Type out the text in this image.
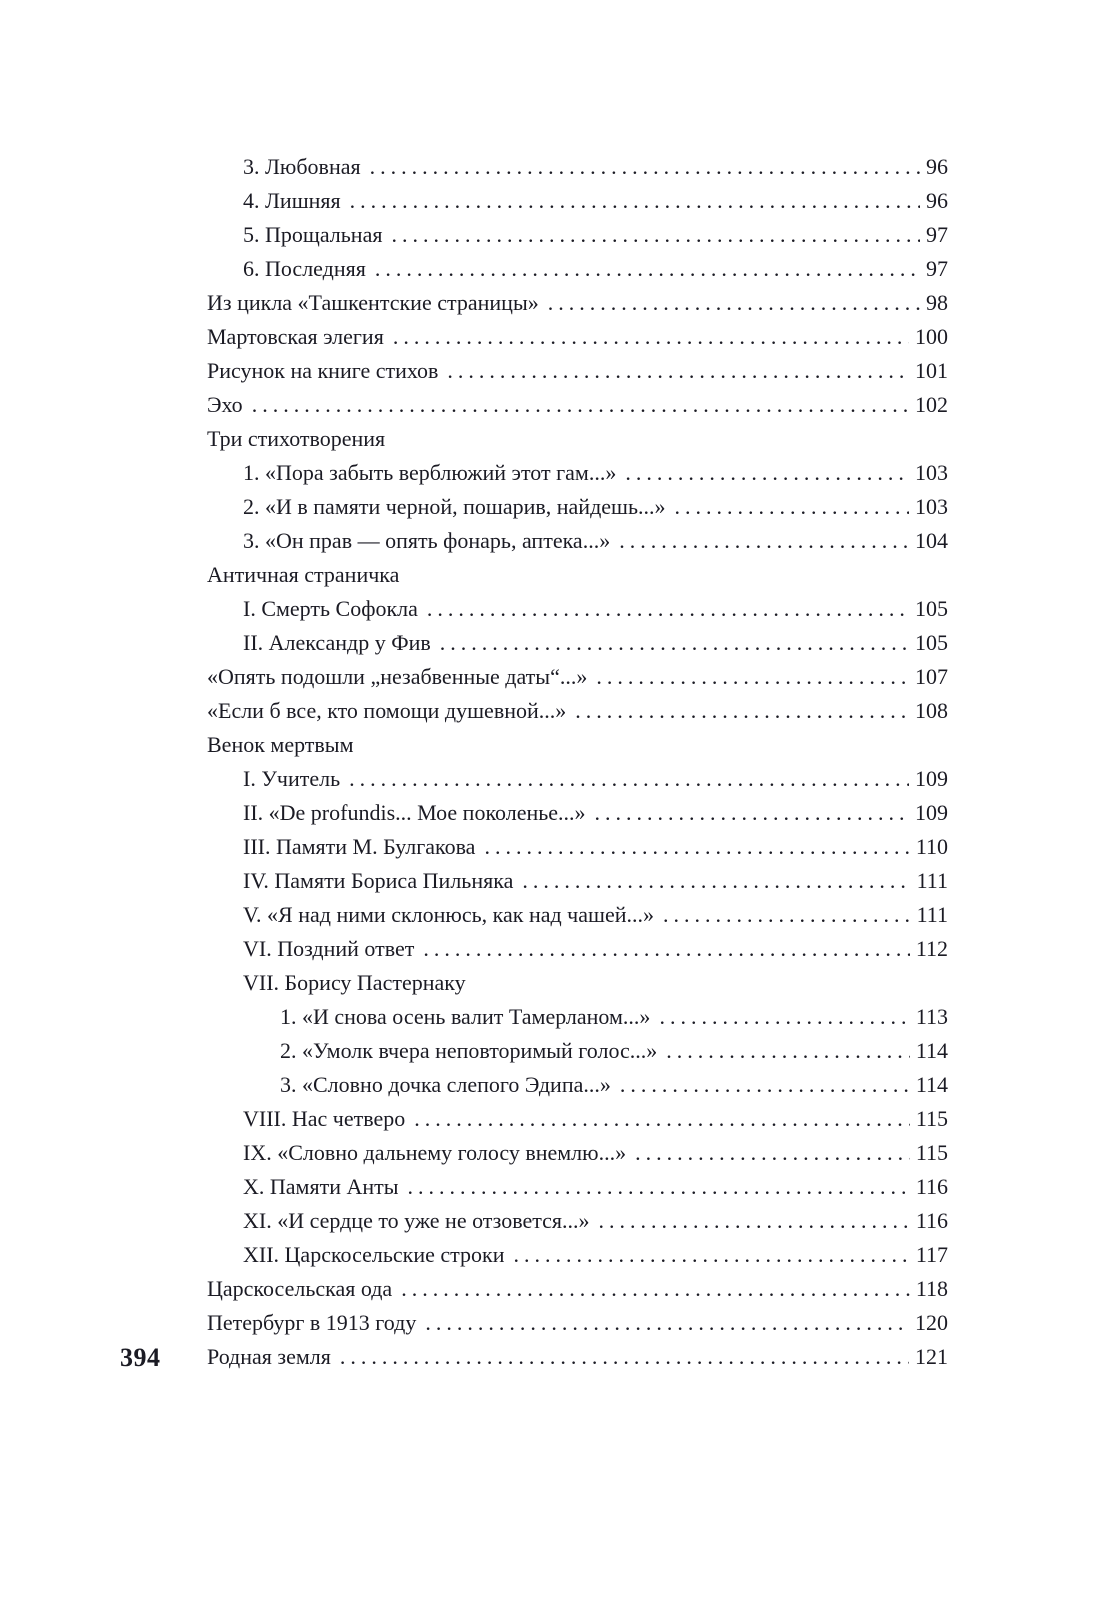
3. Любовная .....	96
4. Лишняя .....	96
5. Прощальная .....	97
6. Последняя .....	97
Из цикла «Ташкентские страницы» .....	98
Мартовская элегия .....	100
Рисунок на книге стихов .....	101
Эхо .....	102
Три стихотворения
1. «Пора забыть верблюжий этот гам...» .....	103
2. «И в памяти черной, пошарив, найдешь...» .....	103
3. «Он прав — опять фонарь, аптека...» .....	104
Античная страничка
I. Смерть Софокла .....	105
II. Александр у Фив .....	105
«Опять подошли „незабвенные даты“...» .....	107
«Если б все, кто помощи душевной...» .....	108
Венок мертвым
I. Учитель .....	109
II. «De profundis... Мое поколенье...» .....	109
III. Памяти М. Булгакова .....	110
IV. Памяти Бориса Пильняка .....	111
V. «Я над ними склонюсь, как над чашей...» .....	111
VI. Поздний ответ .....	112
VII. Борису Пастернаку
1. «И снова осень валит Тамерланом...» .....	113
2. «Умолк вчера неповторимый голос...» .....	114
3. «Словно дочка слепого Эдипа...» .....	114
VIII. Нас четверо .....	115
IX. «Словно дальнему голосу внемлю...» .....	115
X. Памяти Анты .....	116
XI. «И сердце то уже не отзовется...» .....	116
XII. Царскосельские строки .....	117
Царскосельская ода .....	118
Петербург в 1913 году .....	120
Родная земля .....	121
394
